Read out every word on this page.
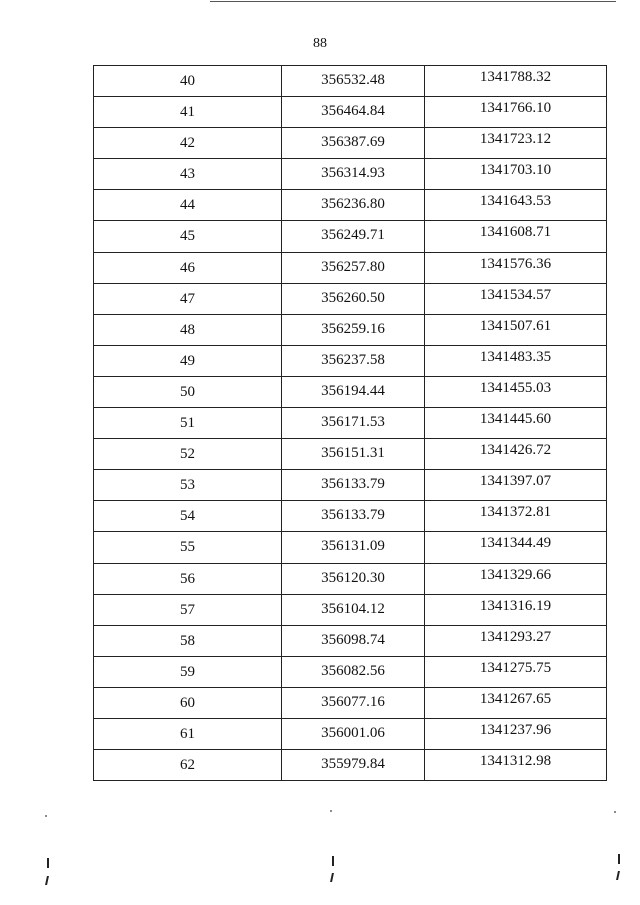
88
40	356532.48	1341788.32

41	356464.84	1341766.10

42	356387.69	1341723.12

43	356314.93	1341703.10

44	356236.80	1341643.53

45	356249.71	1341608.71

46	356257.80	1341576.36

47	356260.50	1341534.57

48	356259.16	1341507.61

49	356237.58	1341483.35

50	356194.44	1341455.03

51	356171.53	1341445.60

52	356151.31	1341426.72

53	356133.79	1341397.07

54	356133.79	1341372.81

55	356131.09	1341344.49

56	356120.30	1341329.66

57	356104.12	1341316.19

58	356098.74	1341293.27

59	356082.56	1341275.75

60	356077.16	1341267.65

61	356001.06	1341237.96

62	355979.84	1341312.98
